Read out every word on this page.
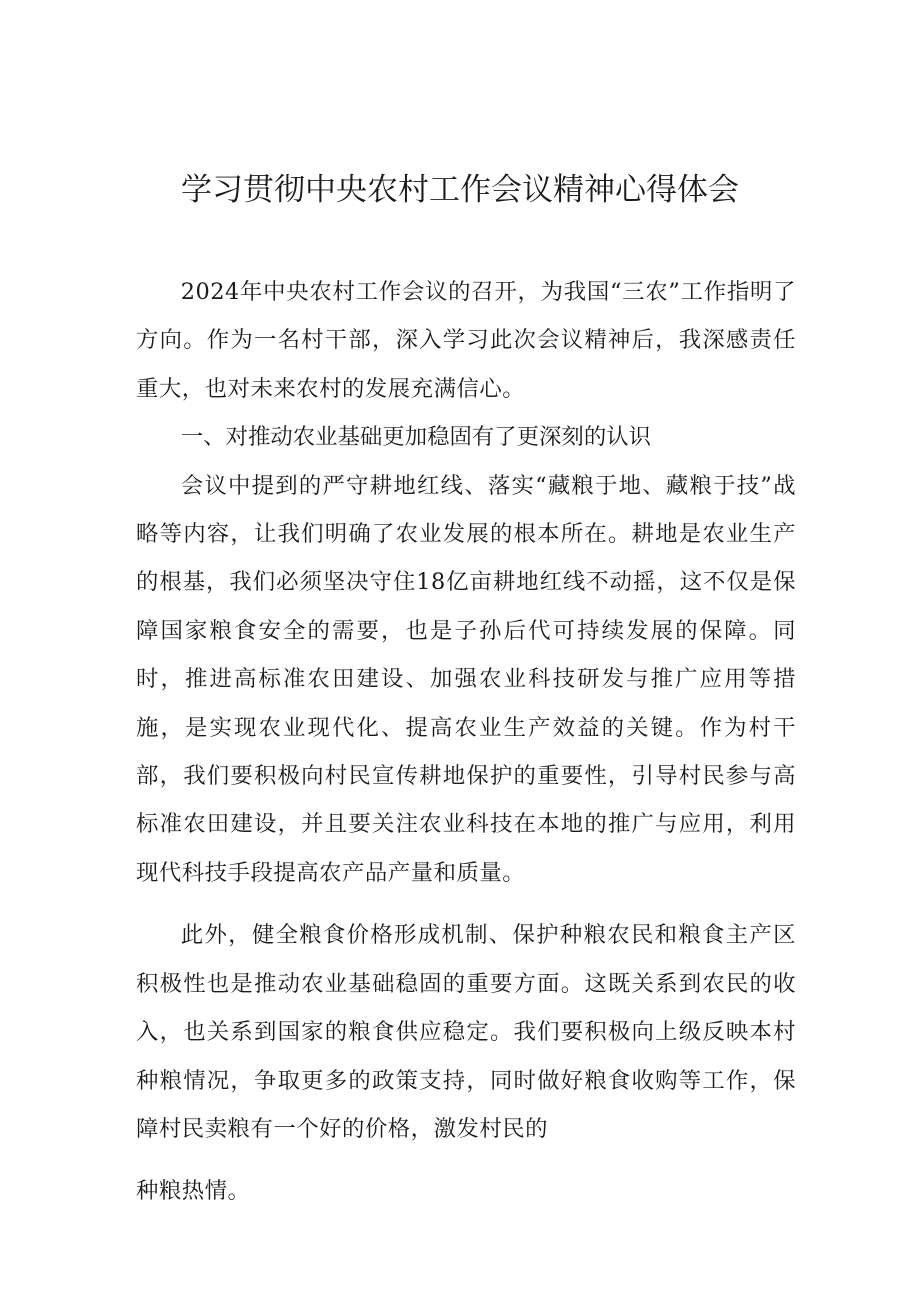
学习贯彻中央农村工作会议精神心得体会

2024年中央农村工作会议的召开，为我国“三农”工作指明了方向。作为一名村干部，深入学习此次会议精神后，我深感责任重大，也对未来农村的发展充满信心。

一、对推动农业基础更加稳固有了更深刻的认识

会议中提到的严守耕地红线、落实“藏粮于地、藏粮于技”战略等内容，让我们明确了农业发展的根本所在。耕地是农业生产的根基，我们必须坚决守住18亿亩耕地红线不动摇，这不仅是保障国家粮食安全的需要，也是子孙后代可持续发展的保障。同时，推进高标准农田建设、加强农业科技研发与推广应用等措施，是实现农业现代化、提高农业生产效益的关键。作为村干部，我们要积极向村民宣传耕地保护的重要性，引导村民参与高标准农田建设，并且要关注农业科技在本地的推广与应用，利用现代科技手段提高农产品产量和质量。

此外，健全粮食价格形成机制、保护种粮农民和粮食主产区积极性也是推动农业基础稳固的重要方面。这既关系到农民的收入，也关系到国家的粮食供应稳定。我们要积极向上级反映本村种粮情况，争取更多的政策支持，同时做好粮食收购等工作，保障村民卖粮有一个好的价格，激发村民的

种粮热情。
